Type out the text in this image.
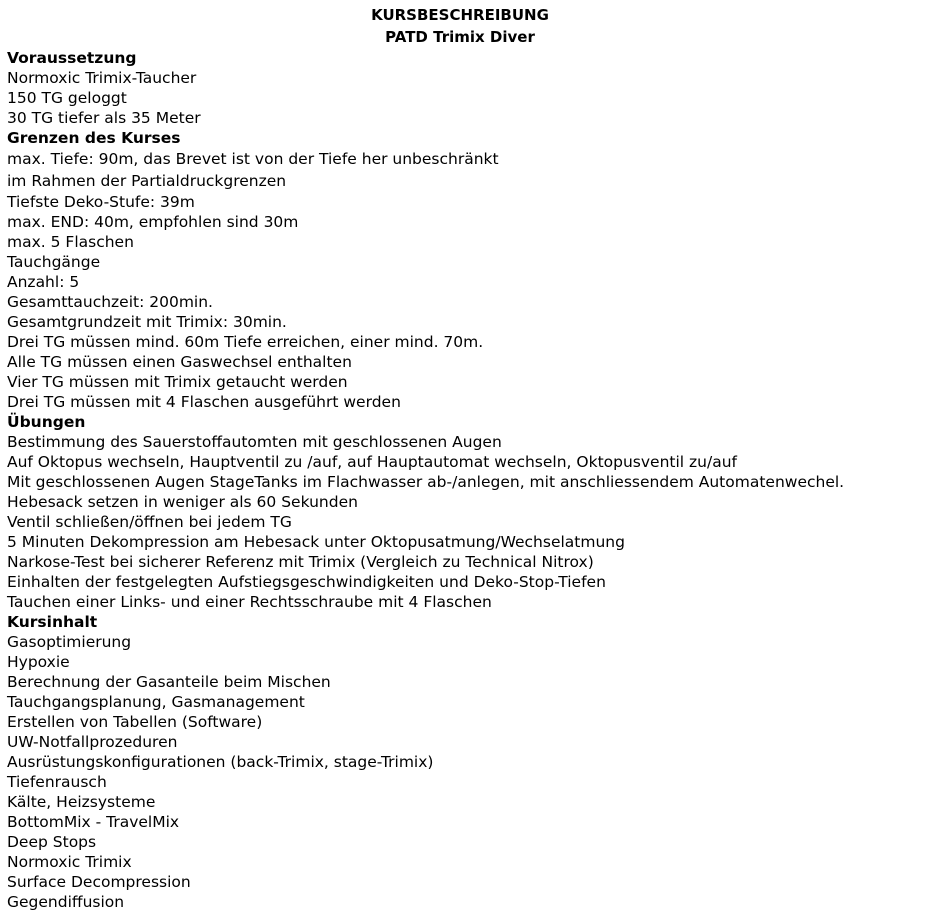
KURSBESCHREIBUNG
PATD Trimix Diver
Voraussetzung
Normoxic Trimix-Taucher
150 TG geloggt
30 TG tiefer als 35 Meter
Grenzen des Kurses
max. Tiefe: 90m, das Brevet ist von der Tiefe her unbeschränkt
im Rahmen der Partialdruckgrenzen
Tiefste Deko-Stufe: 39m
max. END: 40m, empfohlen sind 30m
max. 5 Flaschen
Tauchgänge
Anzahl: 5
Gesamttauchzeit: 200min.
Gesamtgrundzeit mit Trimix: 30min.
Drei TG müssen mind. 60m Tiefe erreichen, einer mind. 70m.
Alle TG müssen einen Gaswechsel enthalten
Vier TG müssen mit Trimix getaucht werden
Drei TG müssen mit 4 Flaschen ausgeführt werden
Übungen
Bestimmung des Sauerstoffautomten mit geschlossenen Augen
Auf Oktopus wechseln, Hauptventil zu /auf, auf Hauptautomat wechseln, Oktopusventil zu/auf
Mit geschlossenen Augen StageTanks im Flachwasser ab-/anlegen, mit anschliessendem Automatenwechel.
Hebesack setzen in weniger als 60 Sekunden
Ventil schließen/öffnen bei jedem TG
5 Minuten Dekompression am Hebesack unter Oktopusatmung/Wechselatmung
Narkose-Test bei sicherer Referenz mit Trimix (Vergleich zu Technical Nitrox)
Einhalten der festgelegten Aufstiegsgeschwindigkeiten und Deko-Stop-Tiefen
Tauchen einer Links- und einer Rechtsschraube mit 4 Flaschen
Kursinhalt
Gasoptimierung
Hypoxie
Berechnung der Gasanteile beim Mischen
Tauchgangsplanung, Gasmanagement
Erstellen von Tabellen (Software)
UW-Notfallprozeduren
Ausrüstungskonfigurationen (back-Trimix, stage-Trimix)
Tiefenrausch
Kälte, Heizsysteme
BottomMix - TravelMix
Deep Stops
Normoxic Trimix
Surface Decompression
Gegendiffusion
